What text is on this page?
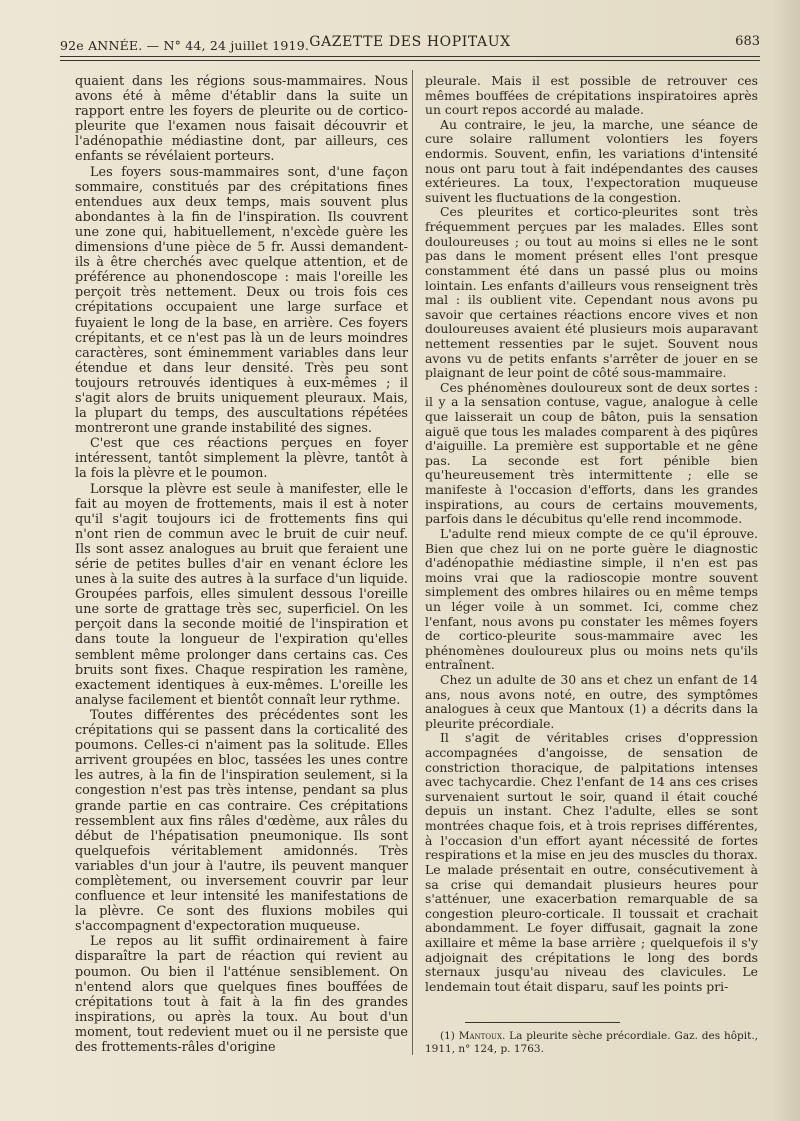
92e ANNÉE. — N° 44, 24 juillet 1919. GAZETTE DES HOPITAUX	683

quaient dans les régions sous-mammaires. Nous avons été à même d'établir dans la suite un rapport entre les foyers de pleurite ou de cortico-pleurite que l'examen nous faisait découvrir et l'adénopathie médiastine dont, par ailleurs, ces enfants se révélaient porteurs.

Les foyers sous-mammaires sont, d'une façon sommaire, constitués par des crépitations fines entendues aux deux temps, mais souvent plus abondantes à la fin de l'inspiration. Ils couvrent une zone qui, habituellement, n'excède guère les dimensions d'une pièce de 5 fr. Aussi demandent-ils à être cherchés avec quelque attention, et de préférence au phonendoscope : mais l'oreille les perçoit très nettement. Deux ou trois fois ces crépitations occupaient une large surface et fuyaient le long de la base, en arrière. Ces foyers crépitants, et ce n'est pas là un de leurs moindres caractères, sont éminemment variables dans leur étendue et dans leur densité. Très peu sont toujours retrouvés identiques à eux-mêmes ; il s'agit alors de bruits uniquement pleuraux. Mais, la plupart du temps, des auscultations répétées montreront une grande instabilité des signes.

C'est que ces réactions perçues en foyer intéressent, tantôt simplement la plèvre, tantôt à la fois la plèvre et le poumon.

Lorsque la plèvre est seule à manifester, elle le fait au moyen de frottements, mais il est à noter qu'il s'agit toujours ici de frottements fins qui n'ont rien de commun avec le bruit de cuir neuf. Ils sont assez analogues au bruit que feraient une série de petites bulles d'air en venant éclore les unes à la suite des autres à la surface d'un liquide. Groupées parfois, elles simulent dessous l'oreille une sorte de grattage très sec, superficiel. On les perçoit dans la seconde moitié de l'inspiration et dans toute la longueur de l'expiration qu'elles semblent même prolonger dans certains cas. Ces bruits sont fixes. Chaque respiration les ramène, exactement identiques à eux-mêmes. L'oreille les analyse facilement et bientôt connaît leur rythme.

Toutes différentes des précédentes sont les crépitations qui se passent dans la corticalité des poumons. Celles-ci n'aiment pas la solitude. Elles arrivent groupées en bloc, tassées les unes contre les autres, à la fin de l'inspiration seulement, si la congestion n'est pas très intense, pendant sa plus grande partie en cas contraire. Ces crépitations ressemblent aux fins râles d'œdème, aux râles du début de l'hépatisation pneumonique. Ils sont quelquefois véritablement amidonnés. Très variables d'un jour à l'autre, ils peuvent manquer complètement, ou inversement couvrir par leur confluence et leur intensité les manifestations de la plèvre. Ce sont des fluxions mobiles qui s'accompagnent d'expectoration muqueuse.

Le repos au lit suffit ordinairement à faire disparaître la part de réaction qui revient au poumon. Ou bien il l'atténue sensiblement. On n'entend alors que quelques fines bouffées de crépitations tout à fait à la fin des grandes inspirations, ou après la toux. Au bout d'un moment, tout redevient muet ou il ne persiste que des frottements-râles d'origine

pleurale. Mais il est possible de retrouver ces mêmes bouffées de crépitations inspiratoires après un court repos accordé au malade.

Au contraire, le jeu, la marche, une séance de cure solaire rallument volontiers les foyers endormis. Souvent, enfin, les variations d'intensité nous ont paru tout à fait indépendantes des causes extérieures. La toux, l'expectoration muqueuse suivent les fluctuations de la congestion.

Ces pleurites et cortico-pleurites sont très fréquemment perçues par les malades. Elles sont douloureuses ; ou tout au moins si elles ne le sont pas dans le moment présent elles l'ont presque constamment été dans un passé plus ou moins lointain. Les enfants d'ailleurs vous renseignent très mal : ils oublient vite. Cependant nous avons pu savoir que certaines réactions encore vives et non douloureuses avaient été plusieurs mois auparavant nettement ressenties par le sujet. Souvent nous avons vu de petits enfants s'arrêter de jouer en se plaignant de leur point de côté sous-mammaire.

Ces phénomènes douloureux sont de deux sortes : il y a la sensation contuse, vague, analogue à celle que laisserait un coup de bâton, puis la sensation aiguë que tous les malades comparent à des piqûres d'aiguille. La première est supportable et ne gêne pas. La seconde est fort pénible bien qu'heureusement très intermittente ; elle se manifeste à l'occasion d'efforts, dans les grandes inspirations, au cours de certains mouvements, parfois dans le décubitus qu'elle rend incommode.

L'adulte rend mieux compte de ce qu'il éprouve. Bien que chez lui on ne porte guère le diagnostic d'adénopathie médiastine simple, il n'en est pas moins vrai que la radioscopie montre souvent simplement des ombres hilaires ou en même temps un léger voile à un sommet. Ici, comme chez l'enfant, nous avons pu constater les mêmes foyers de cortico-pleurite sous-mammaire avec les phénomènes douloureux plus ou moins nets qu'ils entraînent.

Chez un adulte de 30 ans et chez un enfant de 14 ans, nous avons noté, en outre, des symptômes analogues à ceux que Mantoux (1) a décrits dans la pleurite précordiale.

Il s'agit de véritables crises d'oppression accompagnées d'angoisse, de sensation de constriction thoracique, de palpitations intenses avec tachycardie. Chez l'enfant de 14 ans ces crises survenaient surtout le soir, quand il était couché depuis un instant. Chez l'adulte, elles se sont montrées chaque fois, et à trois reprises différentes, à l'occasion d'un effort ayant nécessité de fortes respirations et la mise en jeu des muscles du thorax. Le malade présentait en outre, consécutivement à sa crise qui demandait plusieurs heures pour s'atténuer, une exacerbation remarquable de sa congestion pleuro-corticale. Il toussait et crachait abondamment. Le foyer diffusait, gagnait la zone axillaire et même la base arrière ; quelquefois il s'y adjoignait des crépitations le long des bords sternaux jusqu'au niveau des clavicules. Le lendemain tout était disparu, sauf les points pri-

(1) Mantoux. La pleurite sèche précordiale. Gaz. des hôpit., 1911, n° 124, p. 1763.
